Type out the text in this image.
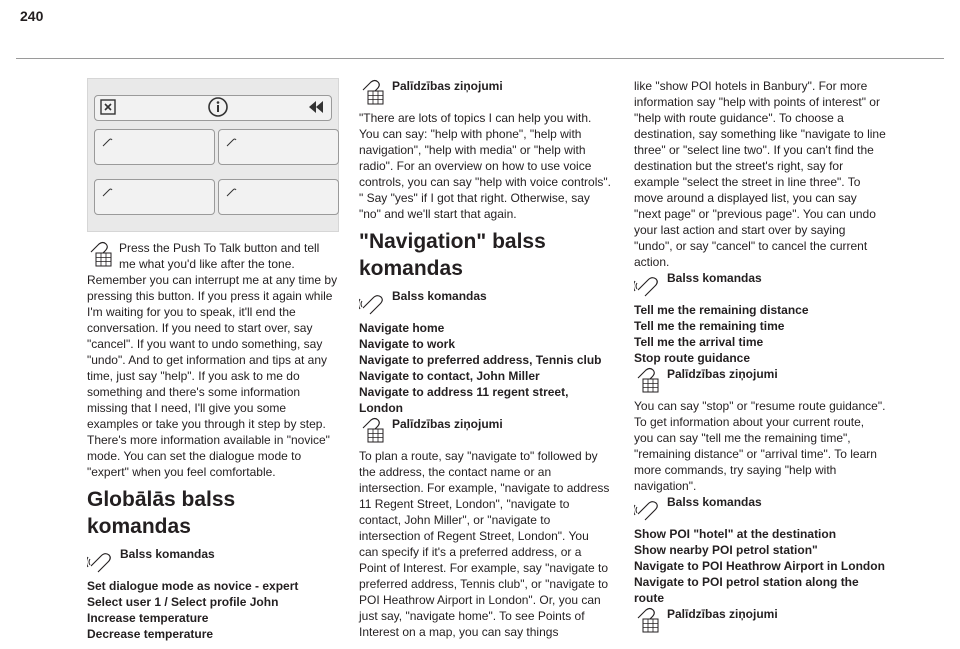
240

Press the Push To Talk button and tell me what you'd like after the tone. Remember you can interrupt me at any time by pressing this button. If you press it again while I'm waiting for you to speak, it'll end the conversation. If you need to start over, say "cancel". If you want to undo something, say "undo". And to get information and tips at any time, just say "help". If you ask to me do something and there's some information missing that I need, I'll give you some examples or take you through it step by step. There's more information available in "novice" mode. You can set the dialogue mode to "expert" when you feel comfortable.

Globālās balss komandas
Balss komandas

Set dialogue mode as novice - expert

Select user 1 / Select profile John

Increase temperature

Decrease temperature

Palīdzības ziņojumi

"There are lots of topics I can help you with. You can say: "help with phone", "help with navigation", "help with media" or "help with radio". For an overview on how to use voice controls, you can say "help with voice controls". " Say "yes" if I got that right. Otherwise, say "no" and we'll start that again.

"Navigation" balss komandas
Balss komandas

Navigate home

Navigate to work

Navigate to preferred address, Tennis club

Navigate to contact, John Miller

Navigate to address 11 regent street, London

Palīdzības ziņojumi

To plan a route, say "navigate to" followed by the address, the contact name or an intersection. For example, "navigate to address 11 Regent Street, London", "navigate to contact, John Miller", or "navigate to intersection of Regent Street, London". You can specify if it's a preferred address, or a Point of Interest. For example, say "navigate to preferred address, Tennis club", or "navigate to POI Heathrow Airport in London". Or, you can just say, "navigate home". To see Points of Interest on a map, you can say things

like "show POI hotels in Banbury". For more information say "help with points of interest" or "help with route guidance". To choose a destination, say something like "navigate to line three" or "select line two". If you can't find the destination but the street's right, say for example "select the street in line three". To move around a displayed list, you can say "next page" or "previous page". You can undo your last action and start over by saying "undo", or say "cancel" to cancel the current action.

Balss komandas

Tell me the remaining distance

Tell me the remaining time

Tell me the arrival time

Stop route guidance

Palīdzības ziņojumi

You can say "stop" or "resume route guidance". To get information about your current route, you can say "tell me the remaining time", "remaining distance" or "arrival time". To learn more commands, try saying "help with navigation".

Balss komandas

Show POI "hotel" at the destination

Show nearby POI petrol station"

Navigate to POI Heathrow Airport in London

Navigate to POI petrol station along the route

Palīdzības ziņojumi
